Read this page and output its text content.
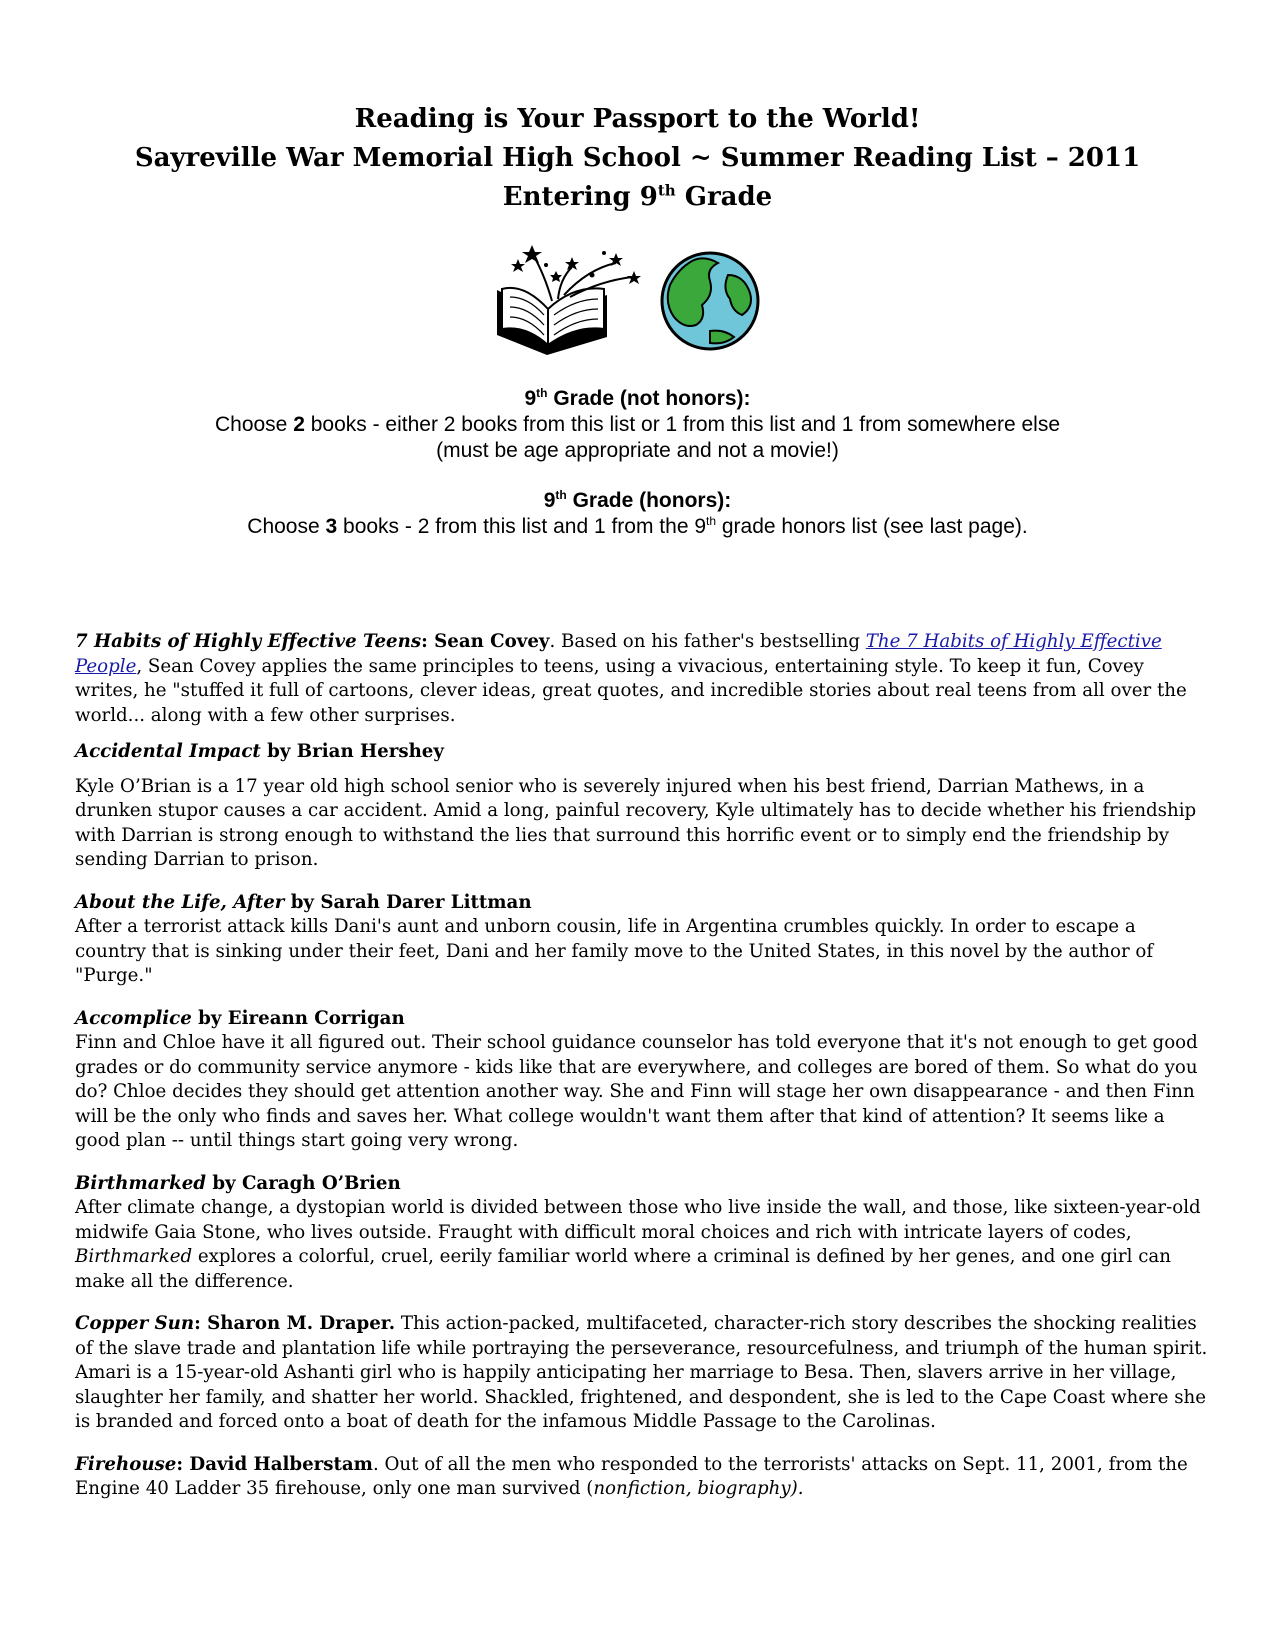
Reading is Your Passport to the World!
Sayreville War Memorial High School ~ Summer Reading List – 2011
Entering 9th Grade
9th Grade (not honors):
Choose 2 books - either 2 books from this list or 1 from this list and 1 from somewhere else
(must be age appropriate and not a movie!)
9th Grade (honors):
Choose 3 books - 2 from this list and 1 from the 9th grade honors list (see last page).

7 Habits of Highly Effective Teens: Sean Covey. Based on his father's bestselling The 7 Habits of Highly Effective People, Sean Covey applies the same principles to teens, using a vivacious, entertaining style. To keep it fun, Covey writes, he "stuffed it full of cartoons, clever ideas, great quotes, and incredible stories about real teens from all over the world... along with a few other surprises.

Accidental Impact by Brian Hershey

Kyle O’Brian is a 17 year old high school senior who is severely injured when his best friend, Darrian Mathews, in a drunken stupor causes a car accident. Amid a long, painful recovery, Kyle ultimately has to decide whether his friendship with Darrian is strong enough to withstand the lies that surround this horrific event or to simply end the friendship by sending Darrian to prison.

About the Life, After by Sarah Darer Littman

After a terrorist attack kills Dani's aunt and unborn cousin, life in Argentina crumbles quickly. In order to escape a country that is sinking under their feet, Dani and her family move to the United States, in this novel by the author of "Purge."

Accomplice by Eireann Corrigan

Finn and Chloe have it all figured out. Their school guidance counselor has told everyone that it's not enough to get good grades or do community service anymore - kids like that are everywhere, and colleges are bored of them. So what do you do? Chloe decides they should get attention another way. She and Finn will stage her own disappearance - and then Finn will be the only who finds and saves her. What college wouldn't want them after that kind of attention? It seems like a good plan -- until things start going very wrong.

Birthmarked by Caragh O’Brien

After climate change, a dystopian world is divided between those who live inside the wall, and those, like sixteen-year-old midwife Gaia Stone, who lives outside. Fraught with difficult moral choices and rich with intricate layers of codes, Birthmarked explores a colorful, cruel, eerily familiar world where a criminal is defined by her genes, and one girl can make all the difference.

Copper Sun: Sharon M. Draper. This action-packed, multifaceted, character-rich story describes the shocking realities of the slave trade and plantation life while portraying the perseverance, resourcefulness, and triumph of the human spirit. Amari is a 15-year-old Ashanti girl who is happily anticipating her marriage to Besa. Then, slavers arrive in her village, slaughter her family, and shatter her world. Shackled, frightened, and despondent, she is led to the Cape Coast where she is branded and forced onto a boat of death for the infamous Middle Passage to the Carolinas.

Firehouse: David Halberstam. Out of all the men who responded to the terrorists' attacks on Sept. 11, 2001, from the Engine 40 Ladder 35 firehouse, only one man survived (nonfiction, biography).
